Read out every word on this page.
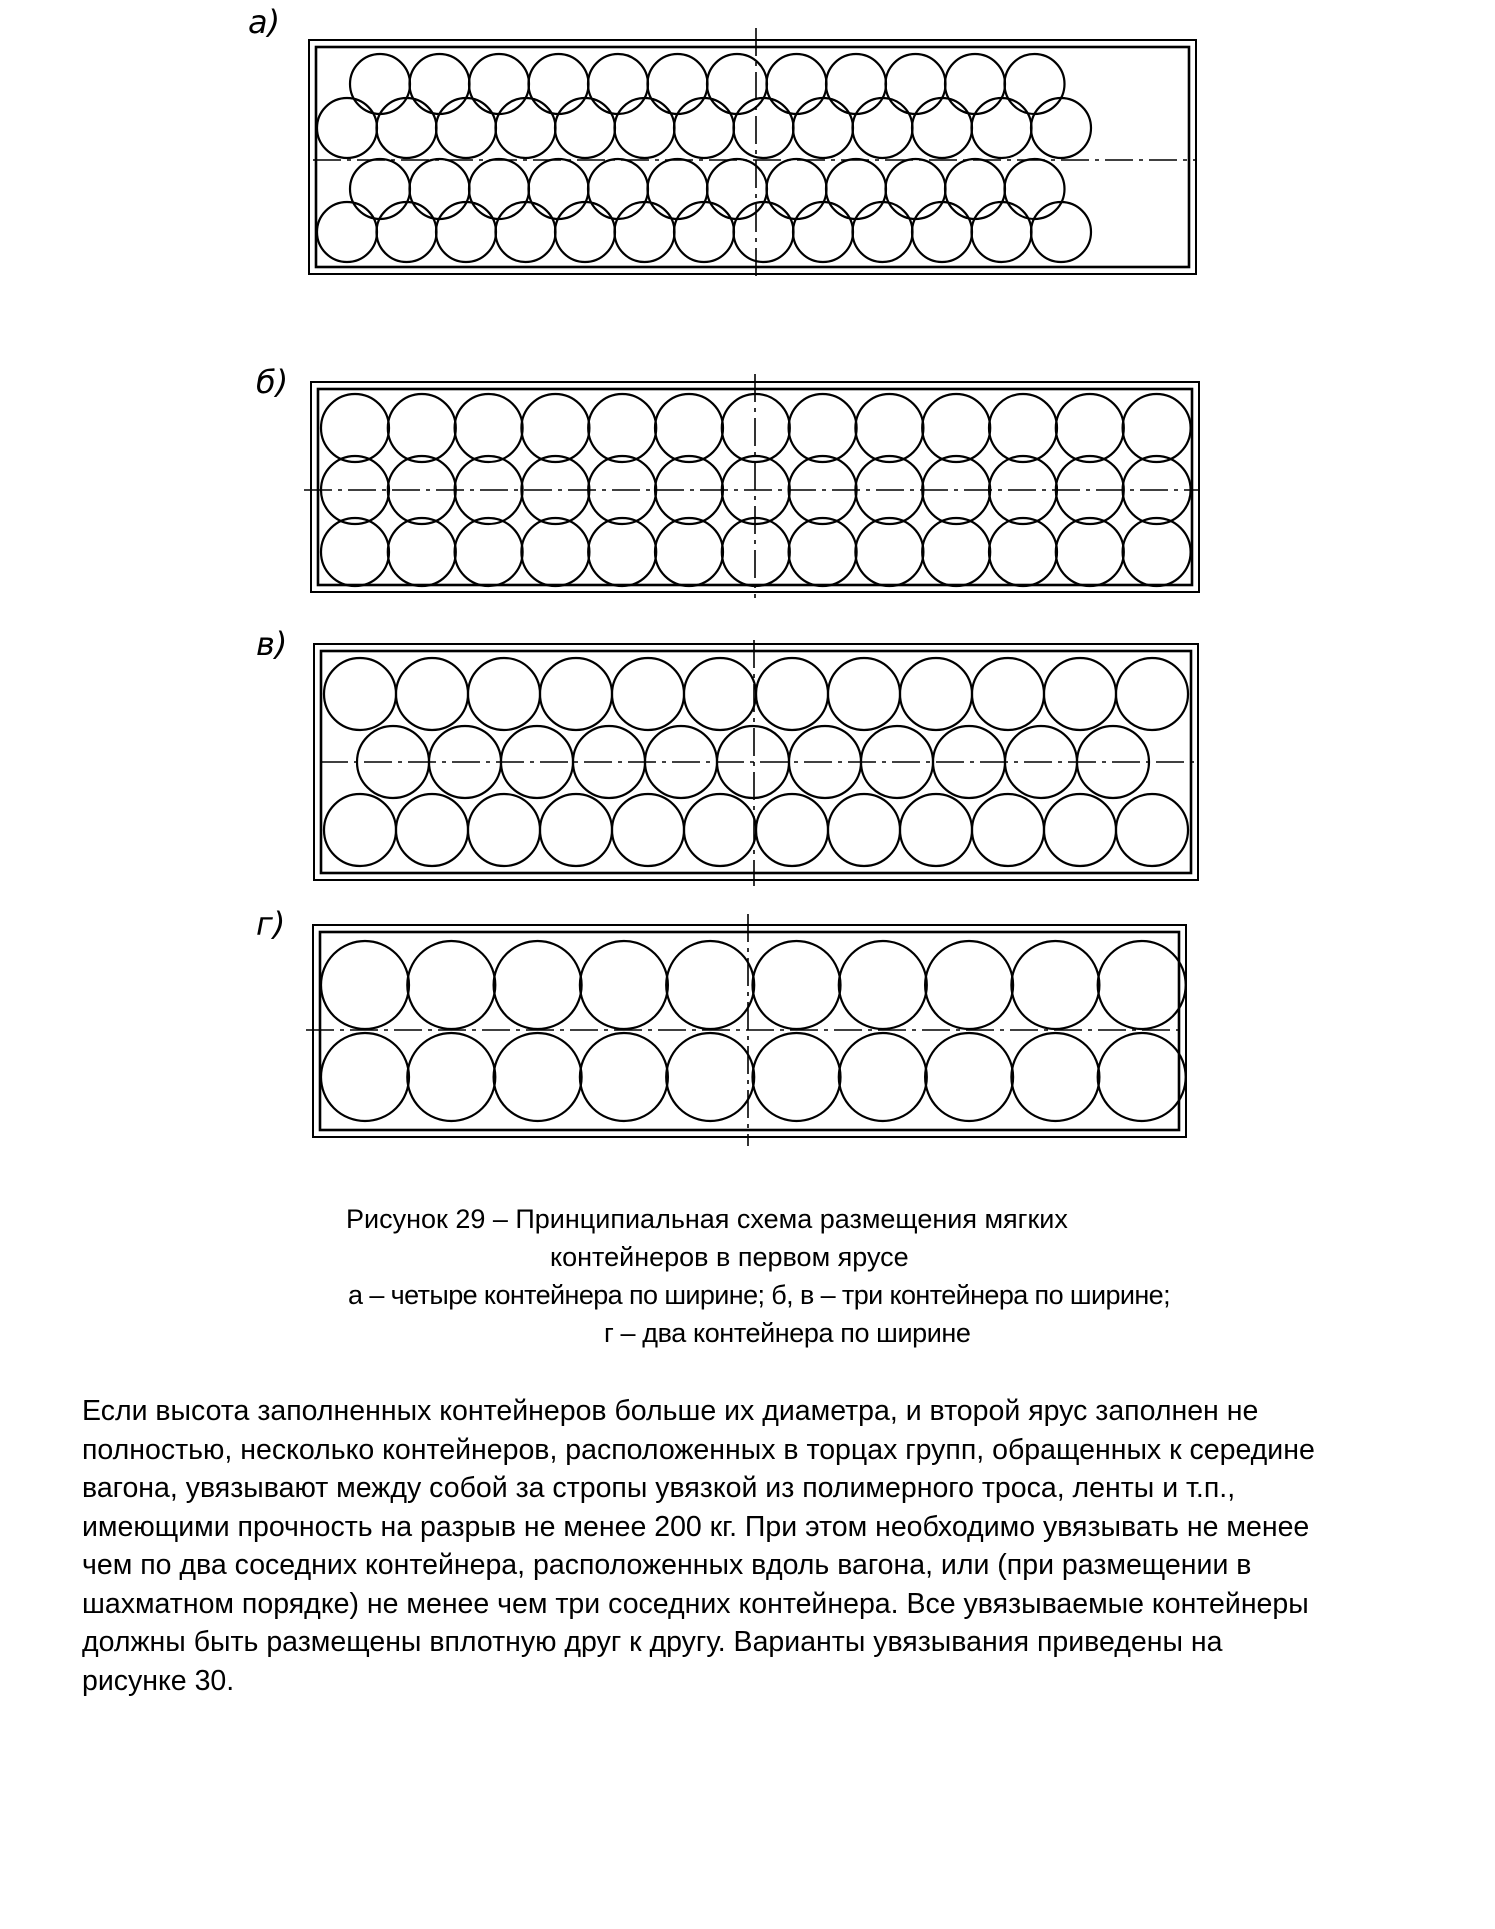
а)
б)
в)
г)
Рисунок 29 – Принципиальная схема размещения мягких
контейнеров в первом ярусе
а – четыре контейнера по ширине; б, в – три контейнера по ширине;
г – два контейнера по ширине
Если высота заполненных контейнеров больше их диаметра, и второй ярус заполнен не
полностью, несколько контейнеров, расположенных в торцах групп, обращенных к середине
вагона, увязывают между собой за стропы увязкой из полимерного троса, ленты и т.п.,
имеющими прочность на разрыв не менее 200 кг. При этом необходимо увязывать не менее
чем по два соседних контейнера, расположенных вдоль вагона, или (при размещении в
шахматном порядке) не менее чем три соседних контейнера. Все увязываемые контейнеры
должны быть размещены вплотную друг к другу. Варианты увязывания приведены на
рисунке 30.
